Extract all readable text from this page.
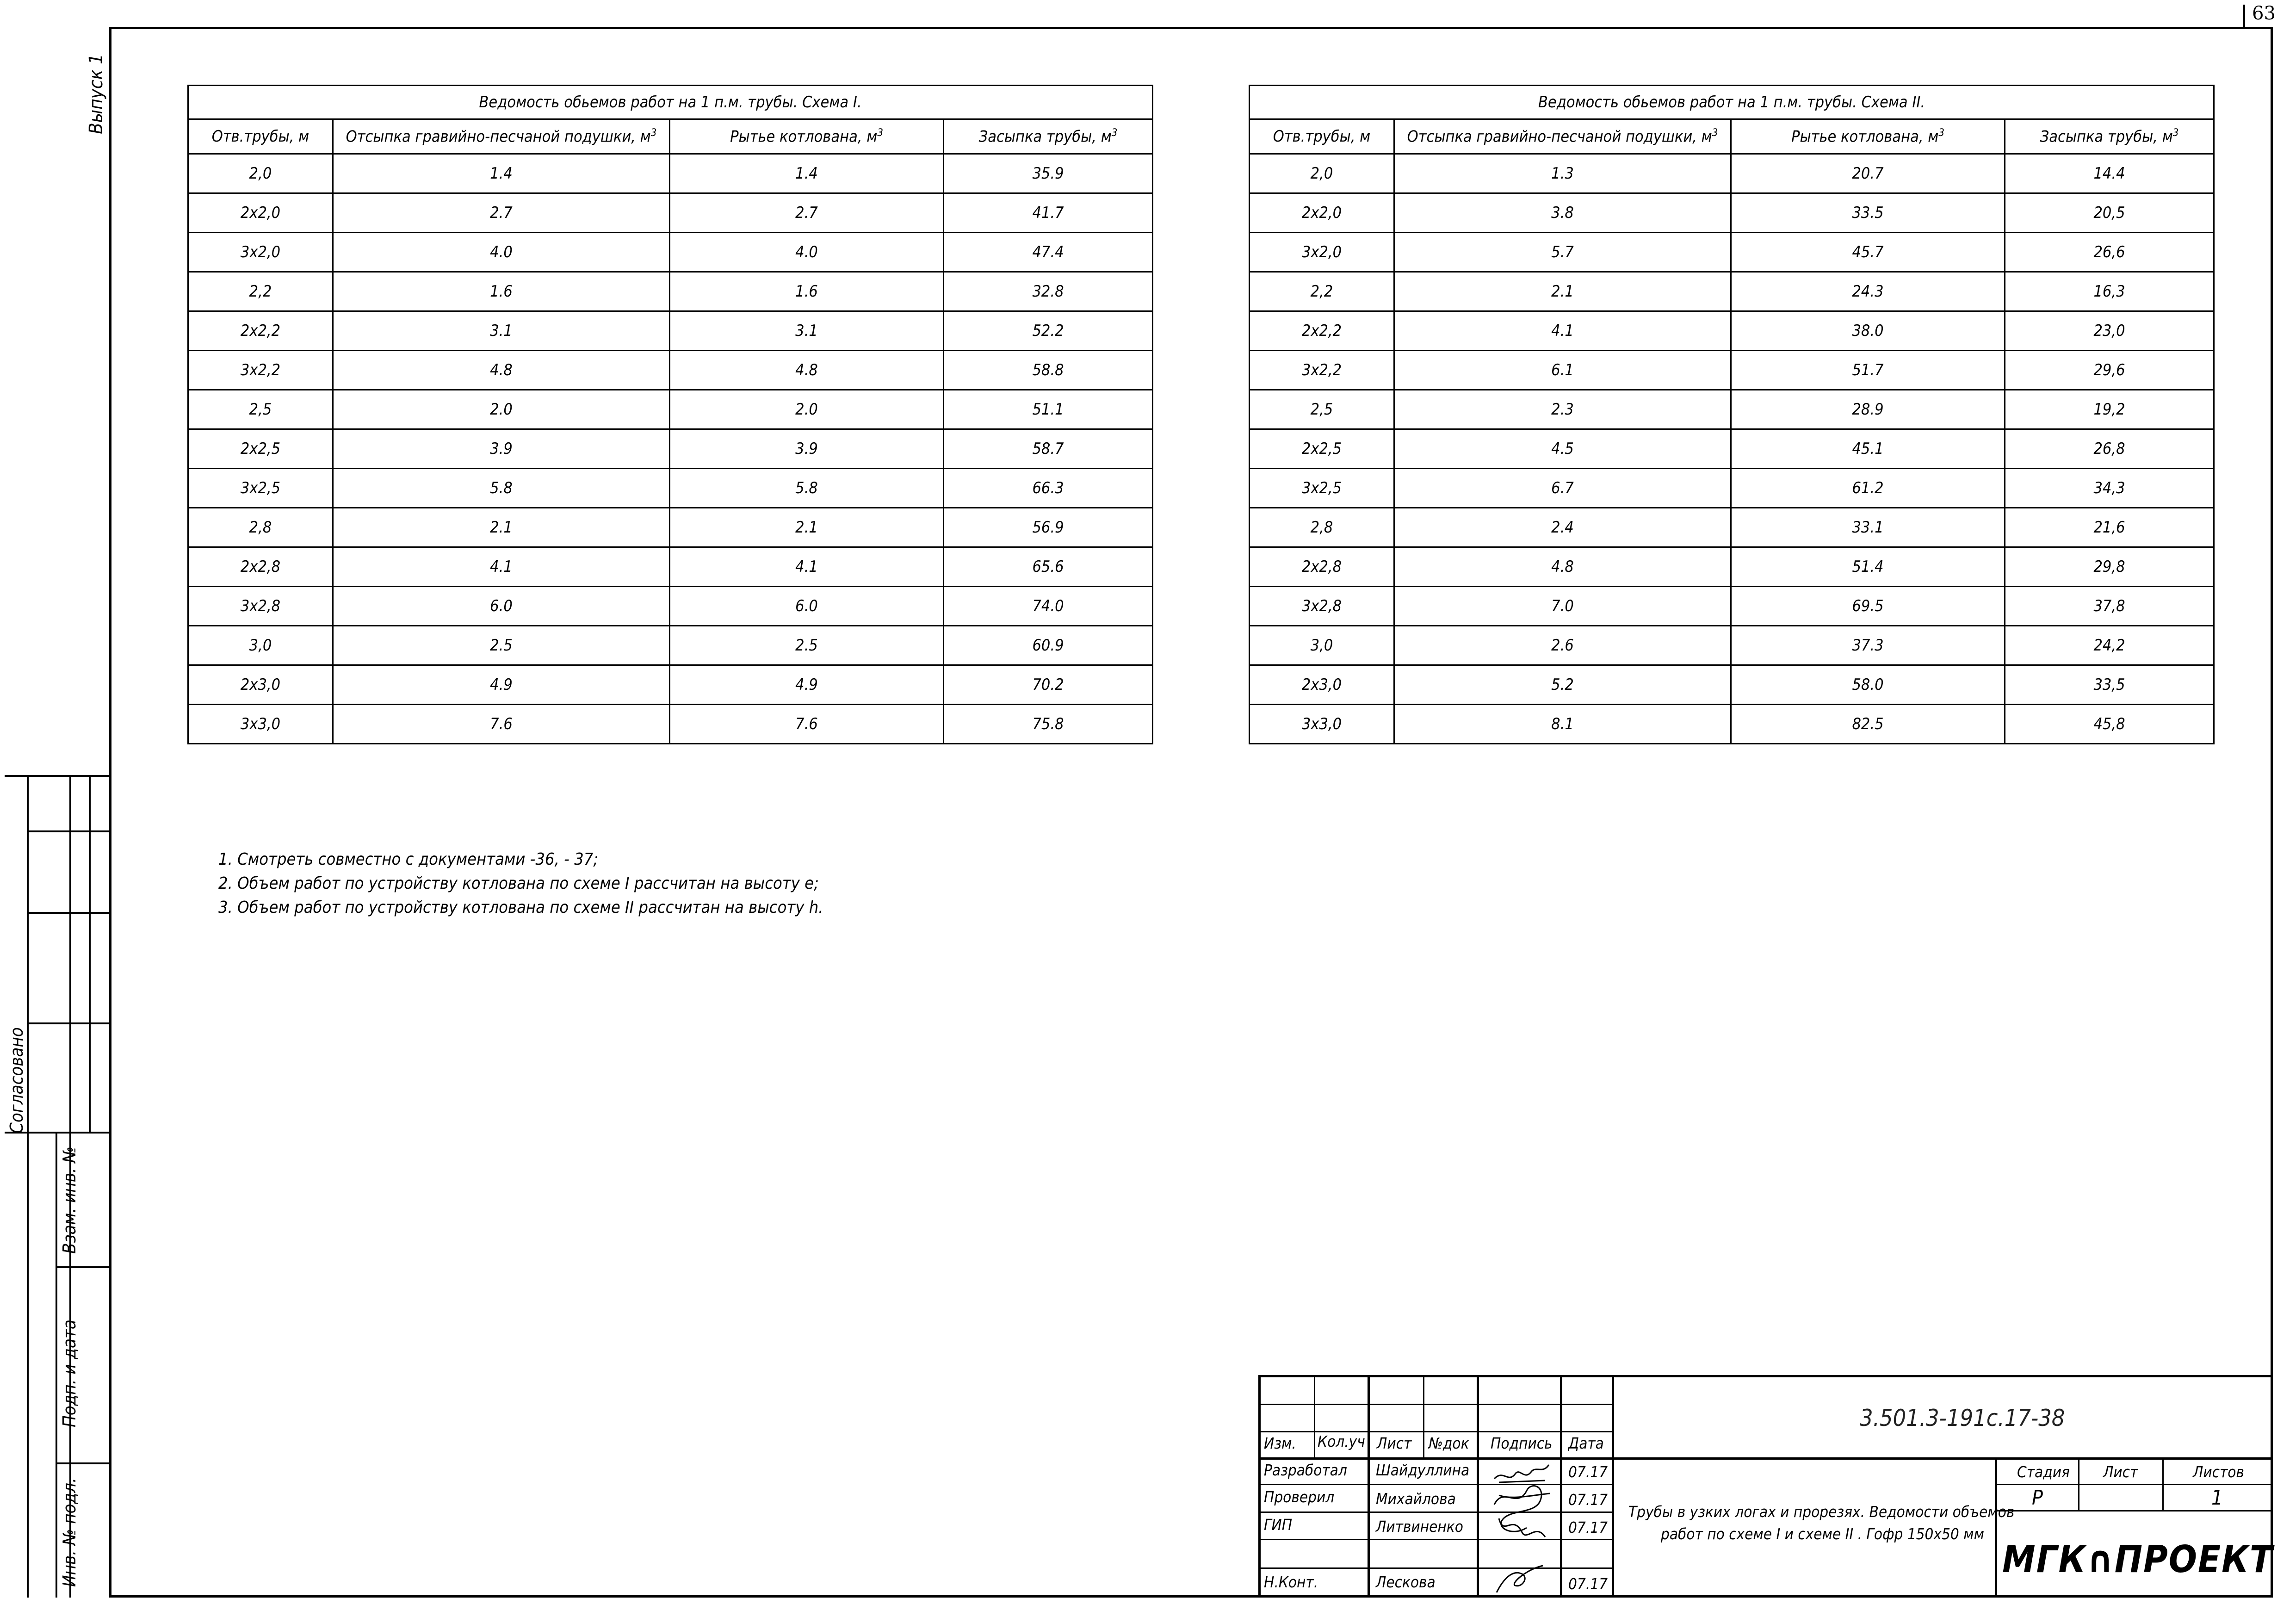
63
Выпуск 1
Согласовано
Взам. инв. №
Подп. и дата
Инв. № подл.
Ведомость обьемов работ на 1 п.м. трубы. Схема I.			
Отв.трубы, м	Отсыпка гравийно-песчаной подушки, $м^3$	Рытье котлована, $м^3$	Засыпка трубы, $м^3$
2,0	1.4	1.4	35.9
2x2,0	2.7	2.7	41.7
3x2,0	4.0	4.0	47.4
2,2	1.6	1.6	32.8
2x2,2	3.1	3.1	52.2
3x2,2	4.8	4.8	58.8
2,5	2.0	2.0	51.1
2x2,5	3.9	3.9	58.7
3x2,5	5.8	5.8	66.3
2,8	2.1	2.1	56.9
2x2,8	4.1	4.1	65.6
3x2,8	6.0	6.0	74.0
3,0	2.5	2.5	60.9
2x3,0	4.9	4.9	70.2
3x3,0	7.6	7.6	75.8
Ведомость обьемов работ на 1 п.м. трубы. Схема II.			
Отв.трубы, м	Отсыпка гравийно-песчаной подушки, $м^3$	Рытье котлована, $м^3$	Засыпка трубы, $м^3$
2,0	1.3	20.7	14.4
2x2,0	3.8	33.5	20,5
3x2,0	5.7	45.7	26,6
2,2	2.1	24.3	16,3
2x2,2	4.1	38.0	23,0
3x2,2	6.1	51.7	29,6
2,5	2.3	28.9	19,2
2x2,5	4.5	45.1	26,8
3x2,5	6.7	61.2	34,3
2,8	2.4	33.1	21,6
2x2,8	4.8	51.4	29,8
3x2,8	7.0	69.5	37,8
3,0	2.6	37.3	24,2
2x3,0	5.2	58.0	33,5
3x3,0	8.1	82.5	45,8
1. Смотреть совместно с документами -36, - 37;
2. Объем работ по устройству котлована по схеме I рассчитан на высоту e;
3. Объем работ по устройству котлована по схеме II рассчитан на высоту h.
Изм. Кол.уч Лист №док Подпись Дата
Разработал Шайдуллина	07.17
Проверил	Михайлова	07.17
ГИП	Литвиненко	07.17
Н.Конт.	Лескова	07.17
3.501.3-191с.17-38
Трубы в узких логах и прорезях. Ведомости объемов
работ по схеме I и схеме II . Гофр 150х50 мм
Стадия Лист	Листов
Р	1
МГК∩ПРОЕКТ
